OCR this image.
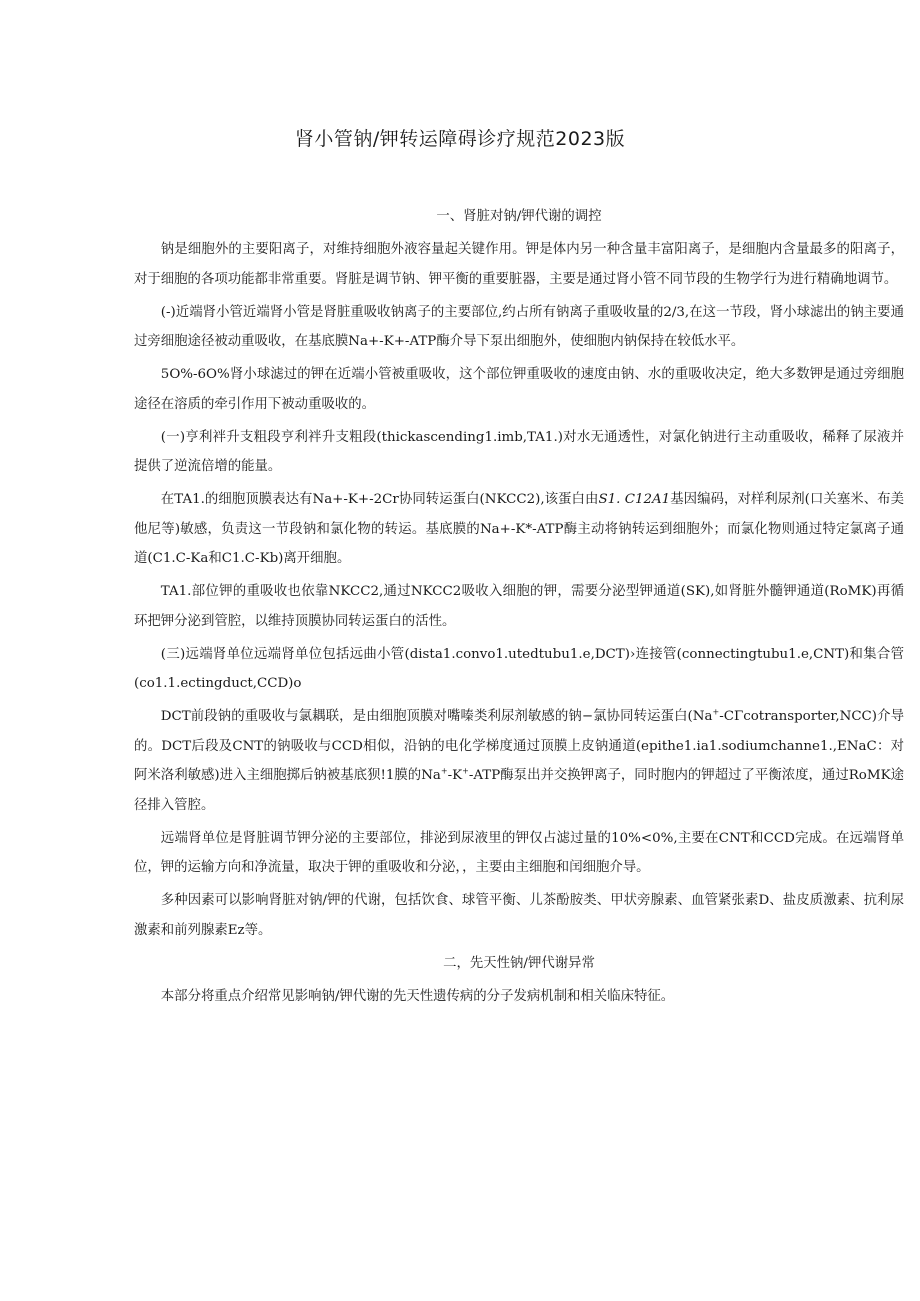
肾小管钠/钾转运障碍诊疗规范2023版
一、肾脏对钠/钾代谢的调控

钠是细胞外的主要阳离子，对维持细胞外液容量起关键作用。钾是体内另一种含量丰富阳离子，是细胞内含量最多的阳离子，对于细胞的各项功能都非常重要。肾脏是调节钠、钾平衡的重要脏器，主要是通过肾小管不同节段的生物学行为进行精确地调节。

(-)近端肾小管近端肾小管是肾脏重吸收钠离子的主要部位,约占所有钠离子重吸收量的2/3,在这一节段，肾小球滤出的钠主要通过旁细胞途径被动重吸收，在基底膜Na+-K+-ATP酶介导下泵出细胞外，使细胞内钠保持在较低水平。

5O%-6O%肾小球滤过的钾在近端小管被重吸收，这个部位钾重吸收的速度由钠、水的重吸收决定，绝大多数钾是通过旁细胞途径在溶质的牵引作用下被动重吸收的。

(一)亨利袢升支粗段亨利袢升支粗段(thickascending1.imb,TA1.)对水无通透性，对氯化钠进行主动重吸收，稀释了尿液并提供了逆流倍增的能量。

在TA1.的细胞顶膜表达有Na+-K+-2Cr协同转运蛋白(NKCC2),该蛋白由S1. C12A1基因编码，对样利尿剂(口关塞米、布美他尼等)敏感，负责这一节段钠和氯化物的转运。基底膜的Na+-K*-ATP酶主动将钠转运到细胞外；而氯化物则通过特定氯离子通道(C1.C-Ka和C1.C-Kb)离开细胞。

TA1.部位钾的重吸收也依靠NKCC2,通过NKCC2吸收入细胞的钾，需要分泌型钾通道(SK),如肾脏外髓钾通道(RoMK)再循环把钾分泌到管腔，以维持顶膜协同转运蛋白的活性。

(三)远端肾单位远端肾单位包括远曲小管(dista1.convo1.utedtubu1.e,DCT)›连接管(connectingtubu1.e,CNT)和集合管(co1.1.ectingduct,CCD)o

DCT前段钠的重吸收与氯耦联，是由细胞顶膜对嘴嗪类利尿剂敏感的钠−氯协同转运蛋白(Na+-CΓcotransporter,NCC)介导的。DCT后段及CNT的钠吸收与CCD相似，沿钠的电化学梯度通过顶膜上皮钠通道(epithe1.ia1.sodiumchanne1.,ENaC：对阿米洛利敏感)进入主细胞掷后钠被基底狈!1膜的Na+-K+-ATP酶泵出并交换钾离子，同时胞内的钾超过了平衡浓度，通过RoMK途径排入管腔。

远端肾单位是肾脏调节钾分泌的主要部位，排泌到尿液里的钾仅占滤过量的10%<0%,主要在CNT和CCD完成。在远端肾单位，钾的运输方向和净流量，取决于钾的重吸收和分泌，，主要由主细胞和闰细胞介导。

多种因素可以影响肾脏对钠/钾的代谢，包括饮食、球管平衡、儿茶酚胺类、甲状旁腺素、血管紧张素D、盐皮质激素、抗利尿激素和前列腺素Ez等。

二，先天性钠/钾代谢异常

本部分将重点介绍常见影响钠/钾代谢的先天性遗传病的分子发病机制和相关临床特征。
